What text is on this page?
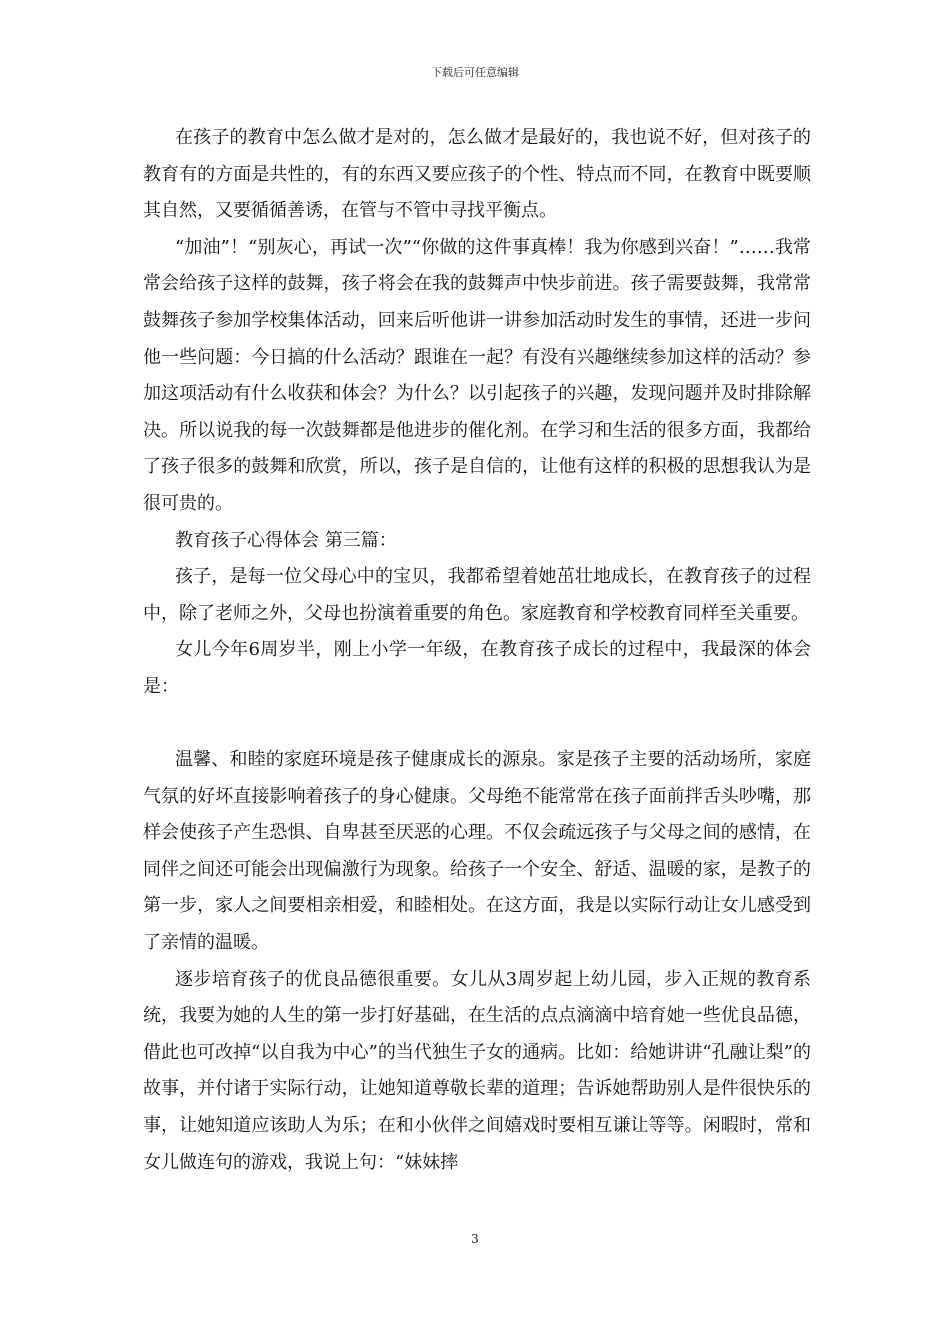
下载后可任意编辑

在孩子的教育中怎么做才是对的，怎么做才是最好的，我也说不好，但对孩子的教育有的方面是共性的，有的东西又要应孩子的个性、特点而不同，在教育中既要顺其自然，又要循循善诱，在管与不管中寻找平衡点。

“加油”！“别灰心，再试一次”“你做的这件事真棒！我为你感到兴奋！”……我常常会给孩子这样的鼓舞，孩子将会在我的鼓舞声中快步前进。孩子需要鼓舞，我常常鼓舞孩子参加学校集体活动，回来后听他讲一讲参加活动时发生的事情，还进一步问他一些问题：今日搞的什么活动？跟谁在一起？有没有兴趣继续参加这样的活动？参加这项活动有什么收获和体会？为什么？以引起孩子的兴趣，发现问题并及时排除解决。所以说我的每一次鼓舞都是他进步的催化剂。在学习和生活的很多方面，我都给了孩子很多的鼓舞和欣赏，所以，孩子是自信的，让他有这样的积极的思想我认为是很可贵的。

教育孩子心得体会 第三篇：

孩子，是每一位父母心中的宝贝，我都希望着她茁壮地成长，在教育孩子的过程中，除了老师之外，父母也扮演着重要的角色。家庭教育和学校教育同样至关重要。

女儿今年6周岁半，刚上小学一年级，在教育孩子成长的过程中，我最深的体会是：

温馨、和睦的家庭环境是孩子健康成长的源泉。家是孩子主要的活动场所，家庭气氛的好坏直接影响着孩子的身心健康。父母绝不能常常在孩子面前拌舌头吵嘴，那样会使孩子产生恐惧、自卑甚至厌恶的心理。不仅会疏远孩子与父母之间的感情，在同伴之间还可能会出现偏激行为现象。给孩子一个安全、舒适、温暖的家，是教子的第一步，家人之间要相亲相爱，和睦相处。在这方面，我是以实际行动让女儿感受到了亲情的温暖。

逐步培育孩子的优良品德很重要。女儿从3周岁起上幼儿园，步入正规的教育系统，我要为她的人生的第一步打好基础，在生活的点点滴滴中培育她一些优良品德，借此也可改掉“以自我为中心”的当代独生子女的通病。比如：给她讲讲“孔融让梨”的故事，并付诸于实际行动，让她知道尊敬长辈的道理；告诉她帮助别人是件很快乐的事，让她知道应该助人为乐；在和小伙伴之间嬉戏时要相互谦让等等。闲暇时，常和女儿做连句的游戏，我说上句：“妹妹摔

3
